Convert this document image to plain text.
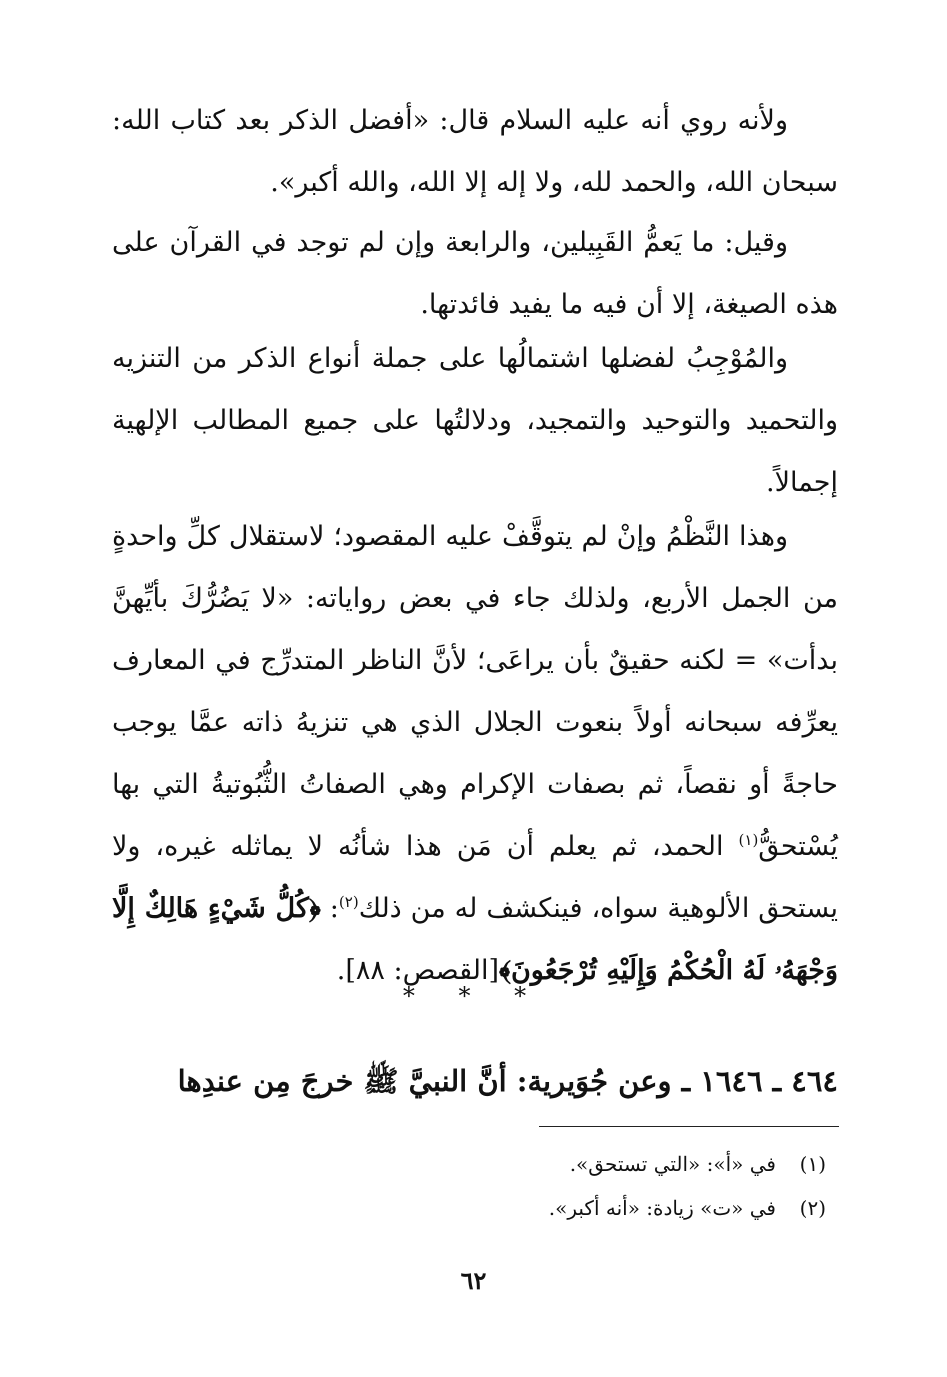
ولأنه روي أنه عليه السلام قال: «أفضل الذكر بعد كتاب الله: سبحان الله، والحمد لله، ولا إله إلا الله، والله أكبر».

وقيل: ما يَعمُّ القَبِيلين، والرابعة وإن لم توجد في القرآن على هذه الصيغة، إلا أن فيه ما يفيد فائدتها.

والمُوْجِبُ لفضلها اشتمالُها على جملة أنواع الذكر من التنزيه والتحميد والتوحيد والتمجيد، ودلالتُها على جميع المطالب الإلهية إجمالاً.

وهذا النَّظْمُ وإنْ لم يتوقَّفْ عليه المقصود؛ لاستقلال كلِّ واحدةٍ من الجمل الأربع، ولذلك جاء في بعض رواياته: «لا يَضُرُّكَ بأيِّهنَّ بدأت» = لكنه حقيقٌ بأن يراعَى؛ لأنَّ الناظر المتدرِّج في المعارف يعرِّفه سبحانه أولاً بنعوت الجلال الذي هي تنزيهُ ذاته عمَّا يوجب حاجةً أو نقصاً، ثم بصفات الإكرام وهي الصفاتُ الثُّبُوتيةُ التي بها يُسْتحقُّ$^{(١)}$ الحمد، ثم يعلم أن مَن هذا شأنُه لا يماثله غيره، ولا يستحق الألوهية سواه، فينكشف له من ذلك$^{(٢)}$: ﴿كُلُّ شَيْءٍ هَالِكٌ إِلَّا وَجْهَهُۥ لَهُ الْحُكْمُ وَإِلَيْهِ تُرْجَعُونَ﴾[القصص: ٨٨].

* * *
٤٦٤ ـ ١٦٤٦ ـ وعن جُوَيرية: أنَّ النبيَّ ﷺ خرجَ مِن عندِها
(١)في «أ»: «التي تستحق».
(٢)في «ت» زيادة: «أنه أكبر».
٦٢
